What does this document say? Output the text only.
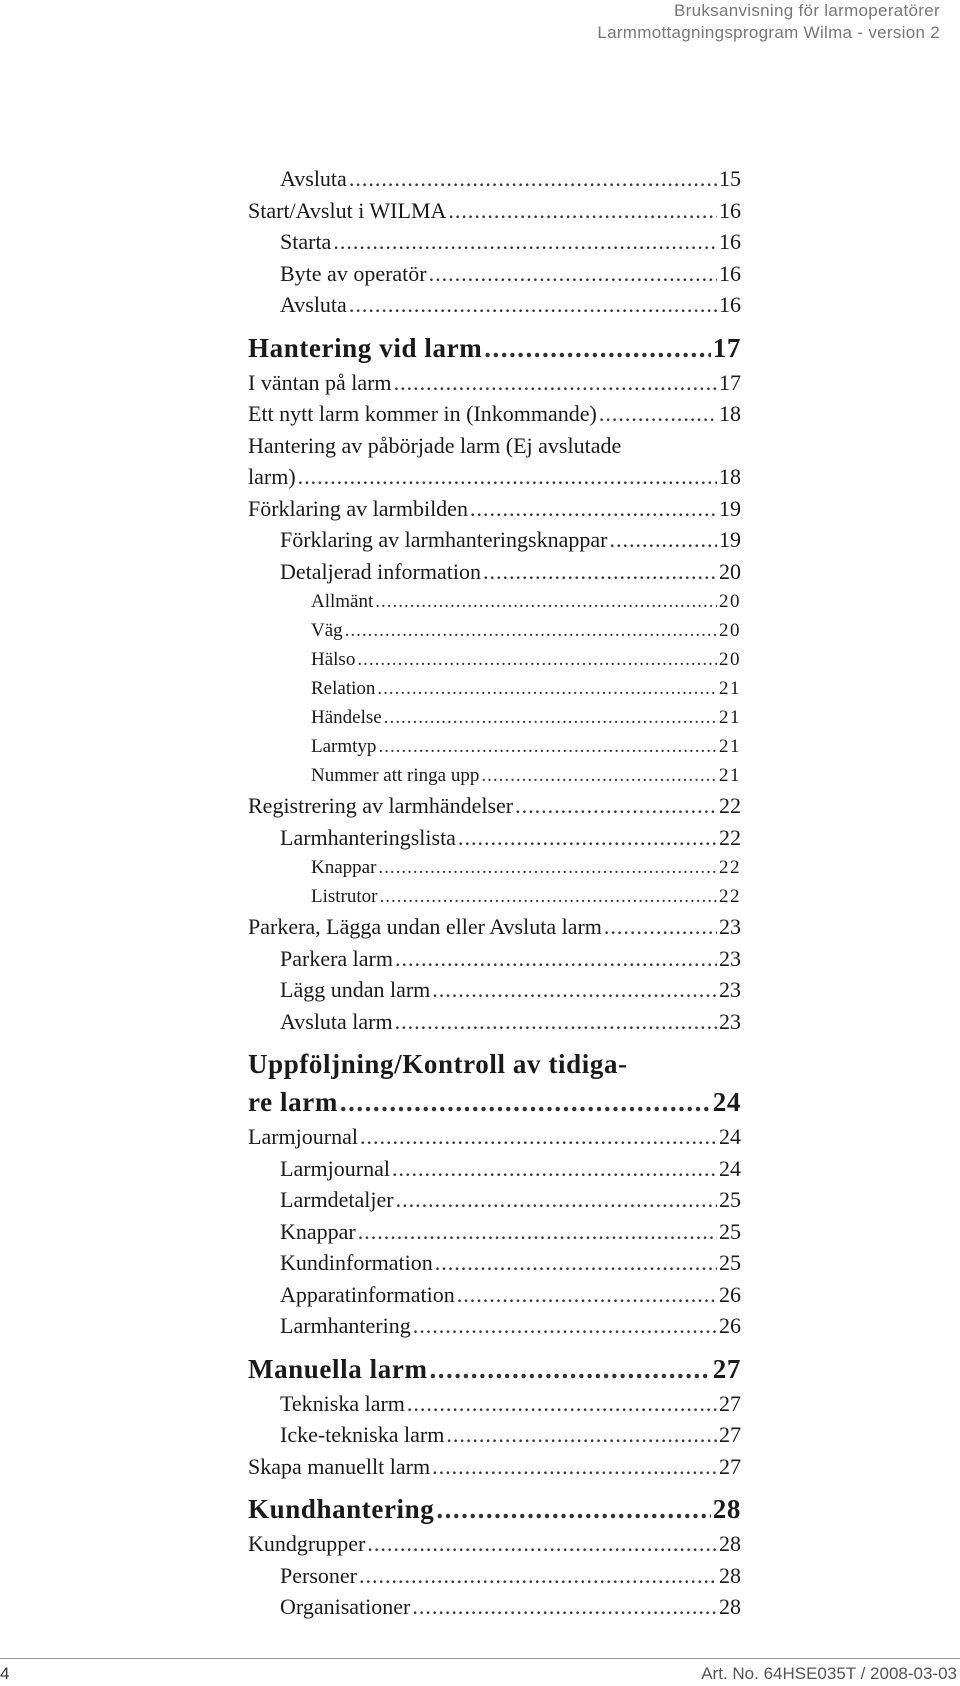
Bruksanvisning för larmoperatörer
Larmmottagningsprogram Wilma - version 2
Avsluta .....	15
Start/Avslut i WILMA .....	16
Starta .....	16
Byte av operatör .....	16
Avsluta .....	16
Hantering vid larm .....	17
I väntan på larm .....	17
Ett nytt larm kommer in (Inkommande) .....	18
Hantering av påbörjade larm (Ej avslutade
larm) .....	18
Förklaring av larmbilden .....	19
Förklaring av larmhanteringsknappar .....	19
Detaljerad information .....	20
Allmänt .....	20
Väg .....	20
Hälso .....	20
Relation .....	21
Händelse .....	21
Larmtyp .....	21
Nummer att ringa upp .....	21
Registrering av larmhändelser .....	22
Larmhanteringslista .....	22
Knappar .....	22
Listrutor .....	22
Parkera, Lägga undan eller Avsluta larm .....	23
Parkera larm .....	23
Lägg undan larm .....	23
Avsluta larm .....	23
Uppföljning/Kontroll av tidiga-
re larm .....	24
Larmjournal .....	24
Larmjournal .....	24
Larmdetaljer .....	25
Knappar .....	25
Kundinformation .....	25
Apparatinformation .....	26
Larmhantering .....	26
Manuella larm .....	27
Tekniska larm .....	27
Icke-tekniska larm .....	27
Skapa manuellt larm .....	27
Kundhantering .....	28
Kundgrupper .....	28
Personer .....	28
Organisationer .....	28
4	Art. No. 64HSE035T / 2008-03-03
